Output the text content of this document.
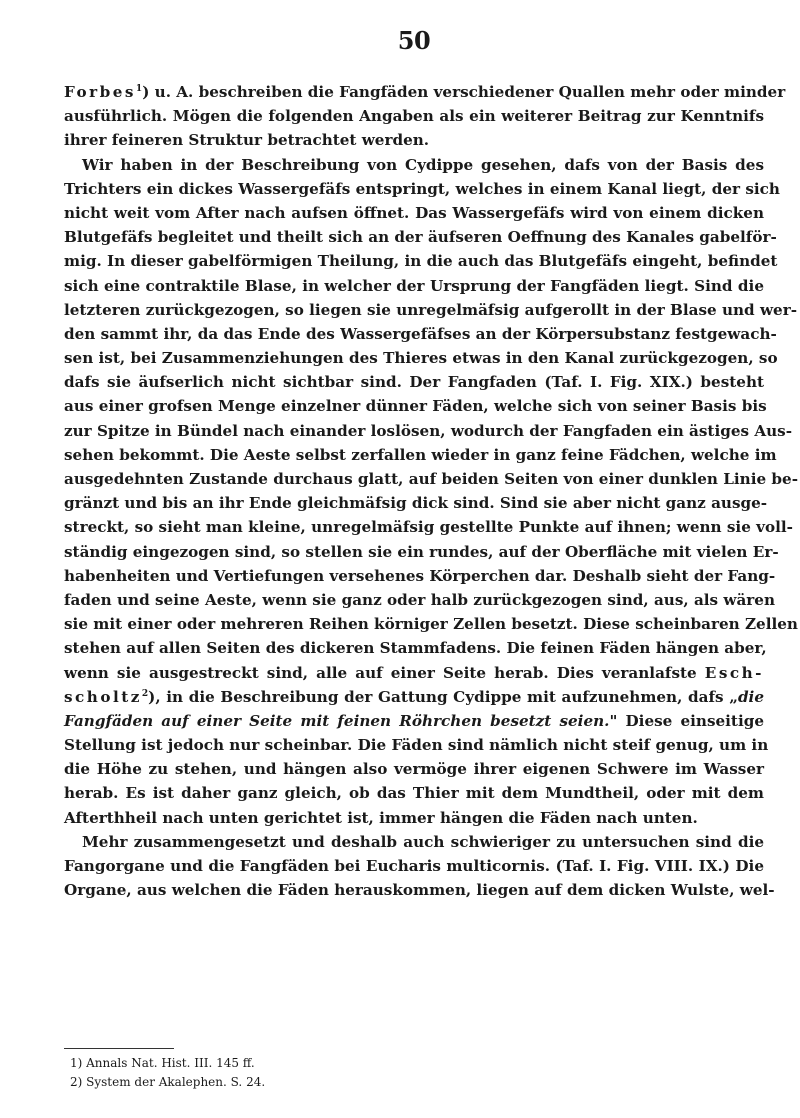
50
Forbes$^1$) u. A. beschreiben die Fangfäden verschiedener Quallen mehr oder minder
ausführlich. Mögen die folgenden Angaben als ein weiterer Beitrag zur Kenntnifs
ihrer feineren Struktur betrachtet werden.
Wir haben in der Beschreibung von Cydippe gesehen, dafs von der Basis des
Trichters ein dickes Wassergefäfs entspringt, welches in einem Kanal liegt, der sich
nicht weit vom After nach aufsen öffnet. Das Wassergefäfs wird von einem dicken
Blutgefäfs begleitet und theilt sich an der äufseren Oeffnung des Kanales gabelför-
mig. In dieser gabelförmigen Theilung, in die auch das Blutgefäfs eingeht, befindet
sich eine contraktile Blase, in welcher der Ursprung der Fangfäden liegt. Sind die
letzteren zurückgezogen, so liegen sie unregelmäfsig aufgerollt in der Blase und wer-
den sammt ihr, da das Ende des Wassergefäfses an der Körpersubstanz festgewach-
sen ist, bei Zusammenziehungen des Thieres etwas in den Kanal zurückgezogen, so
dafs sie äufserlich nicht sichtbar sind. Der Fangfaden (Taf. I. Fig. XIX.) besteht
aus einer grofsen Menge einzelner dünner Fäden, welche sich von seiner Basis bis
zur Spitze in Bündel nach einander loslösen, wodurch der Fangfaden ein ästiges Aus-
sehen bekommt. Die Aeste selbst zerfallen wieder in ganz feine Fädchen, welche im
ausgedehnten Zustande durchaus glatt, auf beiden Seiten von einer dunklen Linie be-
gränzt und bis an ihr Ende gleichmäfsig dick sind. Sind sie aber nicht ganz ausge-
streckt, so sieht man kleine, unregelmäfsig gestellte Punkte auf ihnen; wenn sie voll-
ständig eingezogen sind, so stellen sie ein rundes, auf der Oberfläche mit vielen Er-
habenheiten und Vertiefungen versehenes Körperchen dar. Deshalb sieht der Fang-
faden und seine Aeste, wenn sie ganz oder halb zurückgezogen sind, aus, als wären
sie mit einer oder mehreren Reihen körniger Zellen besetzt. Diese scheinbaren Zellen
stehen auf allen Seiten des dickeren Stammfadens. Die feinen Fäden hängen aber,
wenn sie ausgestreckt sind, alle auf einer Seite herab. Dies veranlafste Esch-
scholtz$^2$), in die Beschreibung der Gattung Cydippe mit aufzunehmen, dafs „die
Fangfäden auf einer Seite mit feinen Röhrchen besetzt seien." Diese einseitige
Stellung ist jedoch nur scheinbar. Die Fäden sind nämlich nicht steif genug, um in
die Höhe zu stehen, und hängen also vermöge ihrer eigenen Schwere im Wasser
herab. Es ist daher ganz gleich, ob das Thier mit dem Mundtheil, oder mit dem
Afterthheil nach unten gerichtet ist, immer hängen die Fäden nach unten.
Mehr zusammengesetzt und deshalb auch schwieriger zu untersuchen sind die
Fangorgane und die Fangfäden bei Eucharis multicornis. (Taf. I. Fig. VIII. IX.) Die
Organe, aus welchen die Fäden herauskommen, liegen auf dem dicken Wulste, wel-
1) Annals Nat. Hist. III. 145 ff.
2) System der Akalephen. S. 24.
